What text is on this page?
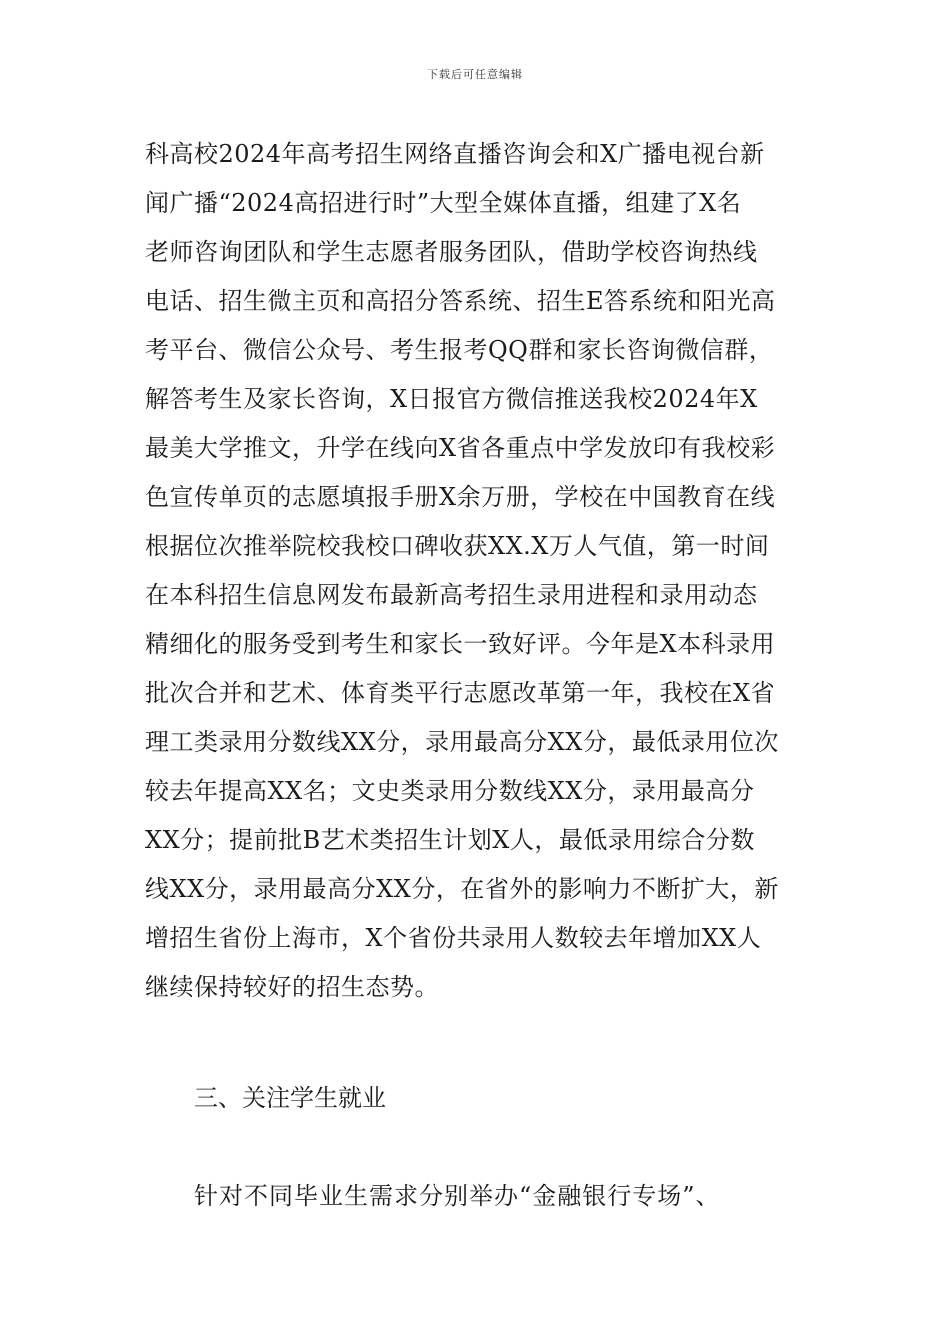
下载后可任意编辑
科高校2024年高考招生网络直播咨询会和X广播电视台新
闻广播“2024高招进行时”大型全媒体直播，组建了X名
老师咨询团队和学生志愿者服务团队，借助学校咨询热线
电话、招生微主页和高招分答系统、招生E答系统和阳光高
考平台、微信公众号、考生报考QQ群和家长咨询微信群，
解答考生及家长咨询，X日报官方微信推送我校2024年X
最美大学推文，升学在线向X省各重点中学发放印有我校彩
色宣传单页的志愿填报手册X余万册，学校在中国教育在线
根据位次推举院校我校口碑收获XX.X万人气值，第一时间
在本科招生信息网发布最新高考招生录用进程和录用动态
精细化的服务受到考生和家长一致好评。今年是X本科录用
批次合并和艺术、体育类平行志愿改革第一年，我校在X省
理工类录用分数线XX分，录用最高分XX分，最低录用位次
较去年提高XX名；文史类录用分数线XX分，录用最高分
XX分；提前批B艺术类招生计划X人，最低录用综合分数
线XX分，录用最高分XX分，在省外的影响力不断扩大，新
增招生省份上海市，X个省份共录用人数较去年增加XX人
继续保持较好的招生态势。
三、关注学生就业
针对不同毕业生需求分别举办“金融银行专场”、
